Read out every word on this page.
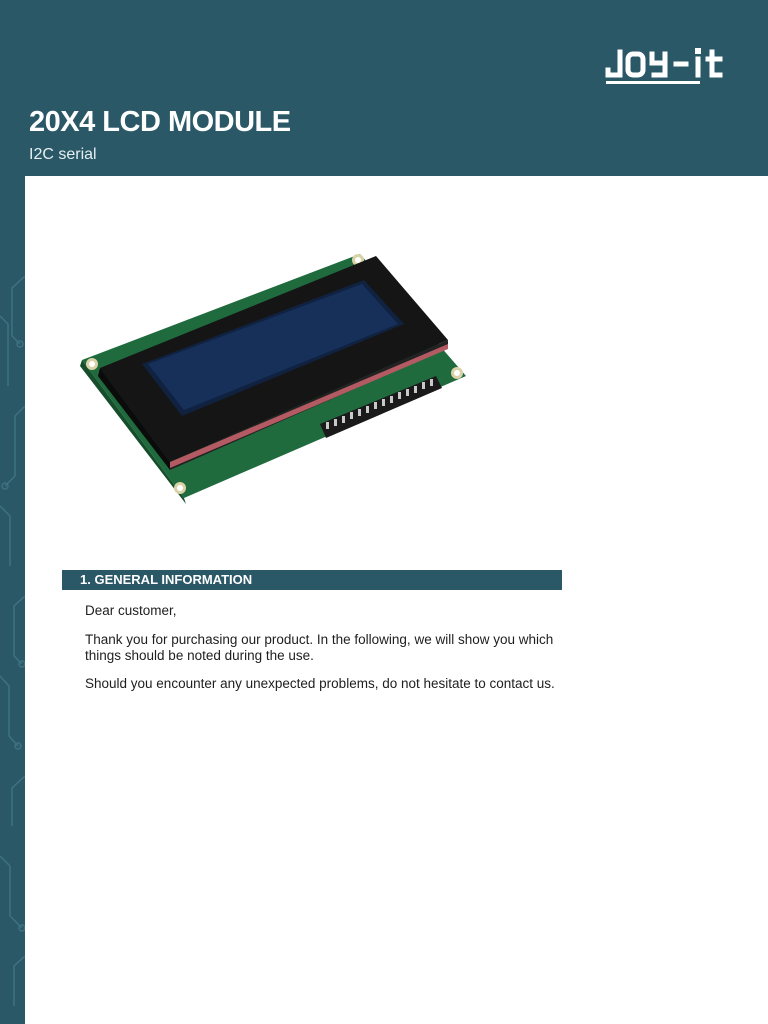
20X4 LCD MODULE

I2C serial

1. GENERAL INFORMATION

Dear customer,

Thank you for purchasing our product. In the following, we will show you which things should be noted during the use.

Should you encounter any unexpected problems, do not hesitate to contact us.
